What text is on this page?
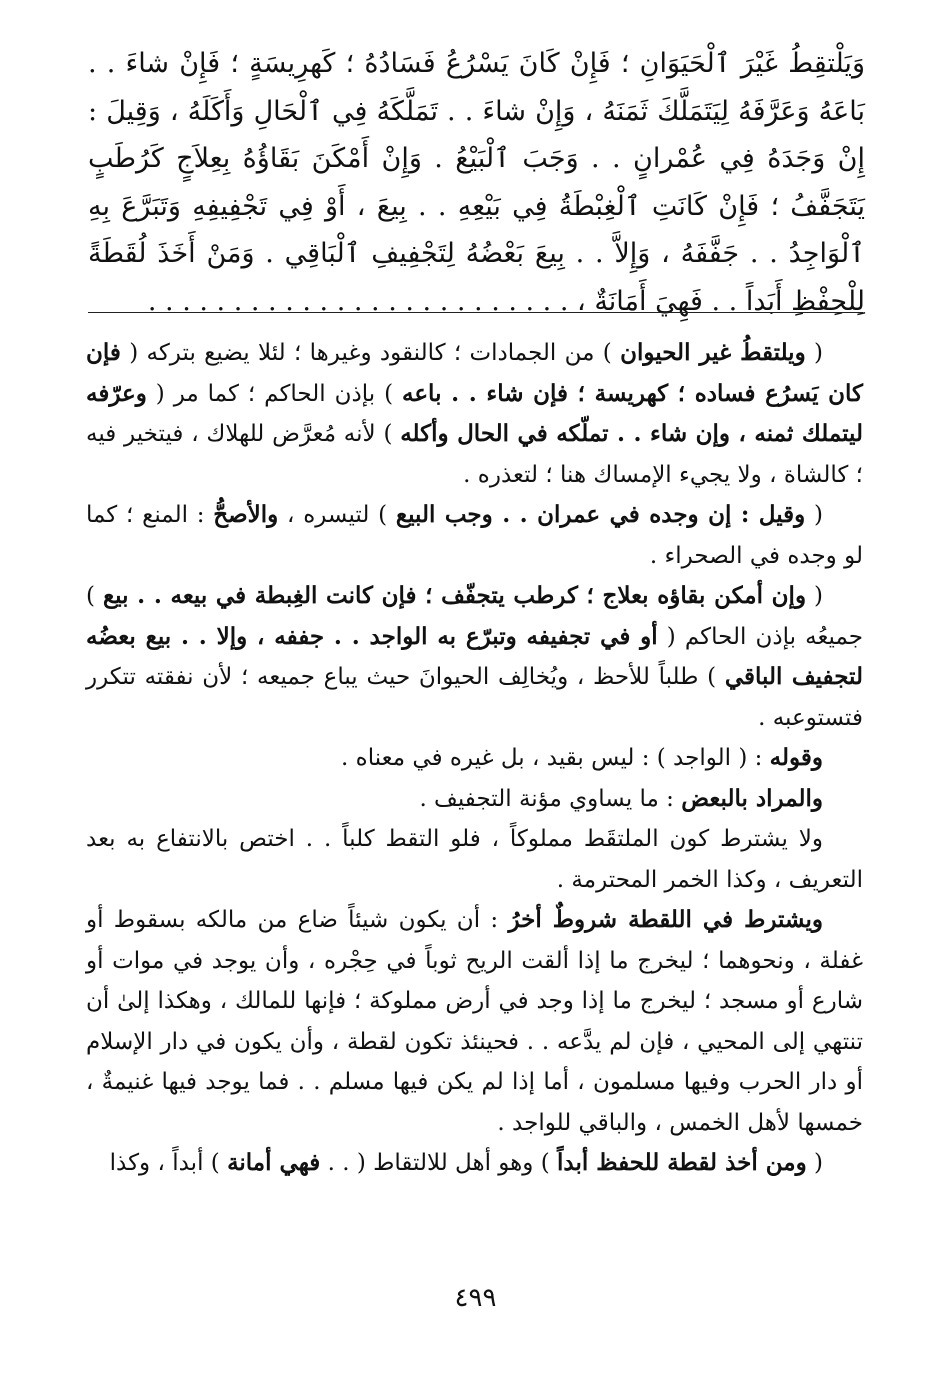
وَيَلْتقِطُ غَيْرَ ٱلْحَيَوَانِ ؛ فَإِنْ كَانَ يَسْرُعُ فَسَادُهُ ؛ كَهرِيسَةٍ ؛ فَإِنْ شاءَ . . بَاعَهُ وَعَرَّفَهُ لِيَتَمَلَّكَ ثَمَنَهُ ، وَإِنْ شاءَ . . تَمَلَّكَهُ فِي ٱلْحَالِ وَأَكَلَهُ ، وَقِيلَ : إِنْ وَجَدَهُ فِي عُمْرانٍ . . وَجَبَ ٱلْبَيْعُ . وَإِنْ أَمْكَنَ بَقَاؤُهُ بِعِلاَجٍ كَرُطَبٍ يَتَجَفَّفُ ؛ فَإِنْ كَانَتِ ٱلْغِبْطَةُ فِي بَيْعِهِ . . بِيعَ ، أَوْ فِي تَجْفِيفِهِ وَتَبَرَّعَ بِهِ ٱلْوَاجِدُ . . جَفَّفَهُ ، وَإِلاَّ . . بِيعَ بَعْضُهُ لِتَجْفِيفِ ٱلْبَاقِي . وَمَنْ أَخَذَ لُقَطَةً لِلْحِفْظِ أَبَداً . . فَهِيَ أَمَانَةٌ ، . . . . . . . . . . . . . . . . . . . . . . . . .

( ويلتقطُ غير الحيوان ) من الجمادات ؛ كالنقود وغيرها ؛ لئلا يضيع بتركه ( فإن كان يَسرُع فساده ؛ كهريسة ؛ فإن شاء . . باعه ) بإذن الحاكم ؛ كما مر ( وعرّفه ليتملك ثمنه ، وإن شاء . . تملّكه في الحال وأكله ) لأنه مُعرَّض للهلاك ، فيتخير فيه ؛ كالشاة ، ولا يجيء الإمساك هنا ؛ لتعذره .

( وقيل : إن وجده في عمران . . وجب البيع ) لتيسره ، والأصحُّ : المنع ؛ كما لو وجده في الصحراء .

( وإن أمكن بقاؤه بعلاج ؛ كرطب يتجفّف ؛ فإن كانت الغِبطة في بيعه . . بيع ) جميعُه بإذن الحاكم ( أو في تجفيفه وتبرّع به الواجد . . جففه ، وإلا . . بيع بعضُه لتجفيف الباقي ) طلباً للأحظ ، ويُخالِف الحيوانَ حيث يباع جميعه ؛ لأن نفقته تتكرر فتستوعبه .

وقوله : ( الواجد ) : ليس بقيد ، بل غيره في معناه .

والمراد بالبعض : ما يساوي مؤنة التجفيف .

ولا يشترط كون الملتقَط مملوكاً ، فلو التقط كلباً . . اختص بالانتفاع به بعد التعريف ، وكذا الخمر المحترمة .

ويشترط في اللقطة شروطٌ أخرُ : أن يكون شيئاً ضاع من مالكه بسقوط أو غفلة ، ونحوهما ؛ ليخرج ما إذا ألقت الريح ثوباً في حِجْره ، وأن يوجد في موات أو شارع أو مسجد ؛ ليخرج ما إذا وجد في أرض مملوكة ؛ فإنها للمالك ، وهكذا إلىٰ أن تنتهي إلى المحيي ، فإن لم يدَّعه . . فحينئذ تكون لقطة ، وأن يكون في دار الإسلام أو دار الحرب وفيها مسلمون ، أما إذا لم يكن فيها مسلم . . فما يوجد فيها غنيمةٌ ، خمسها لأهل الخمس ، والباقي للواجد .

( ومن أخذ لقطة للحفظ أبداً ) وهو أهل للالتقاط ( . . فهي أمانة ) أبداً ، وكذا

٤٩٩
